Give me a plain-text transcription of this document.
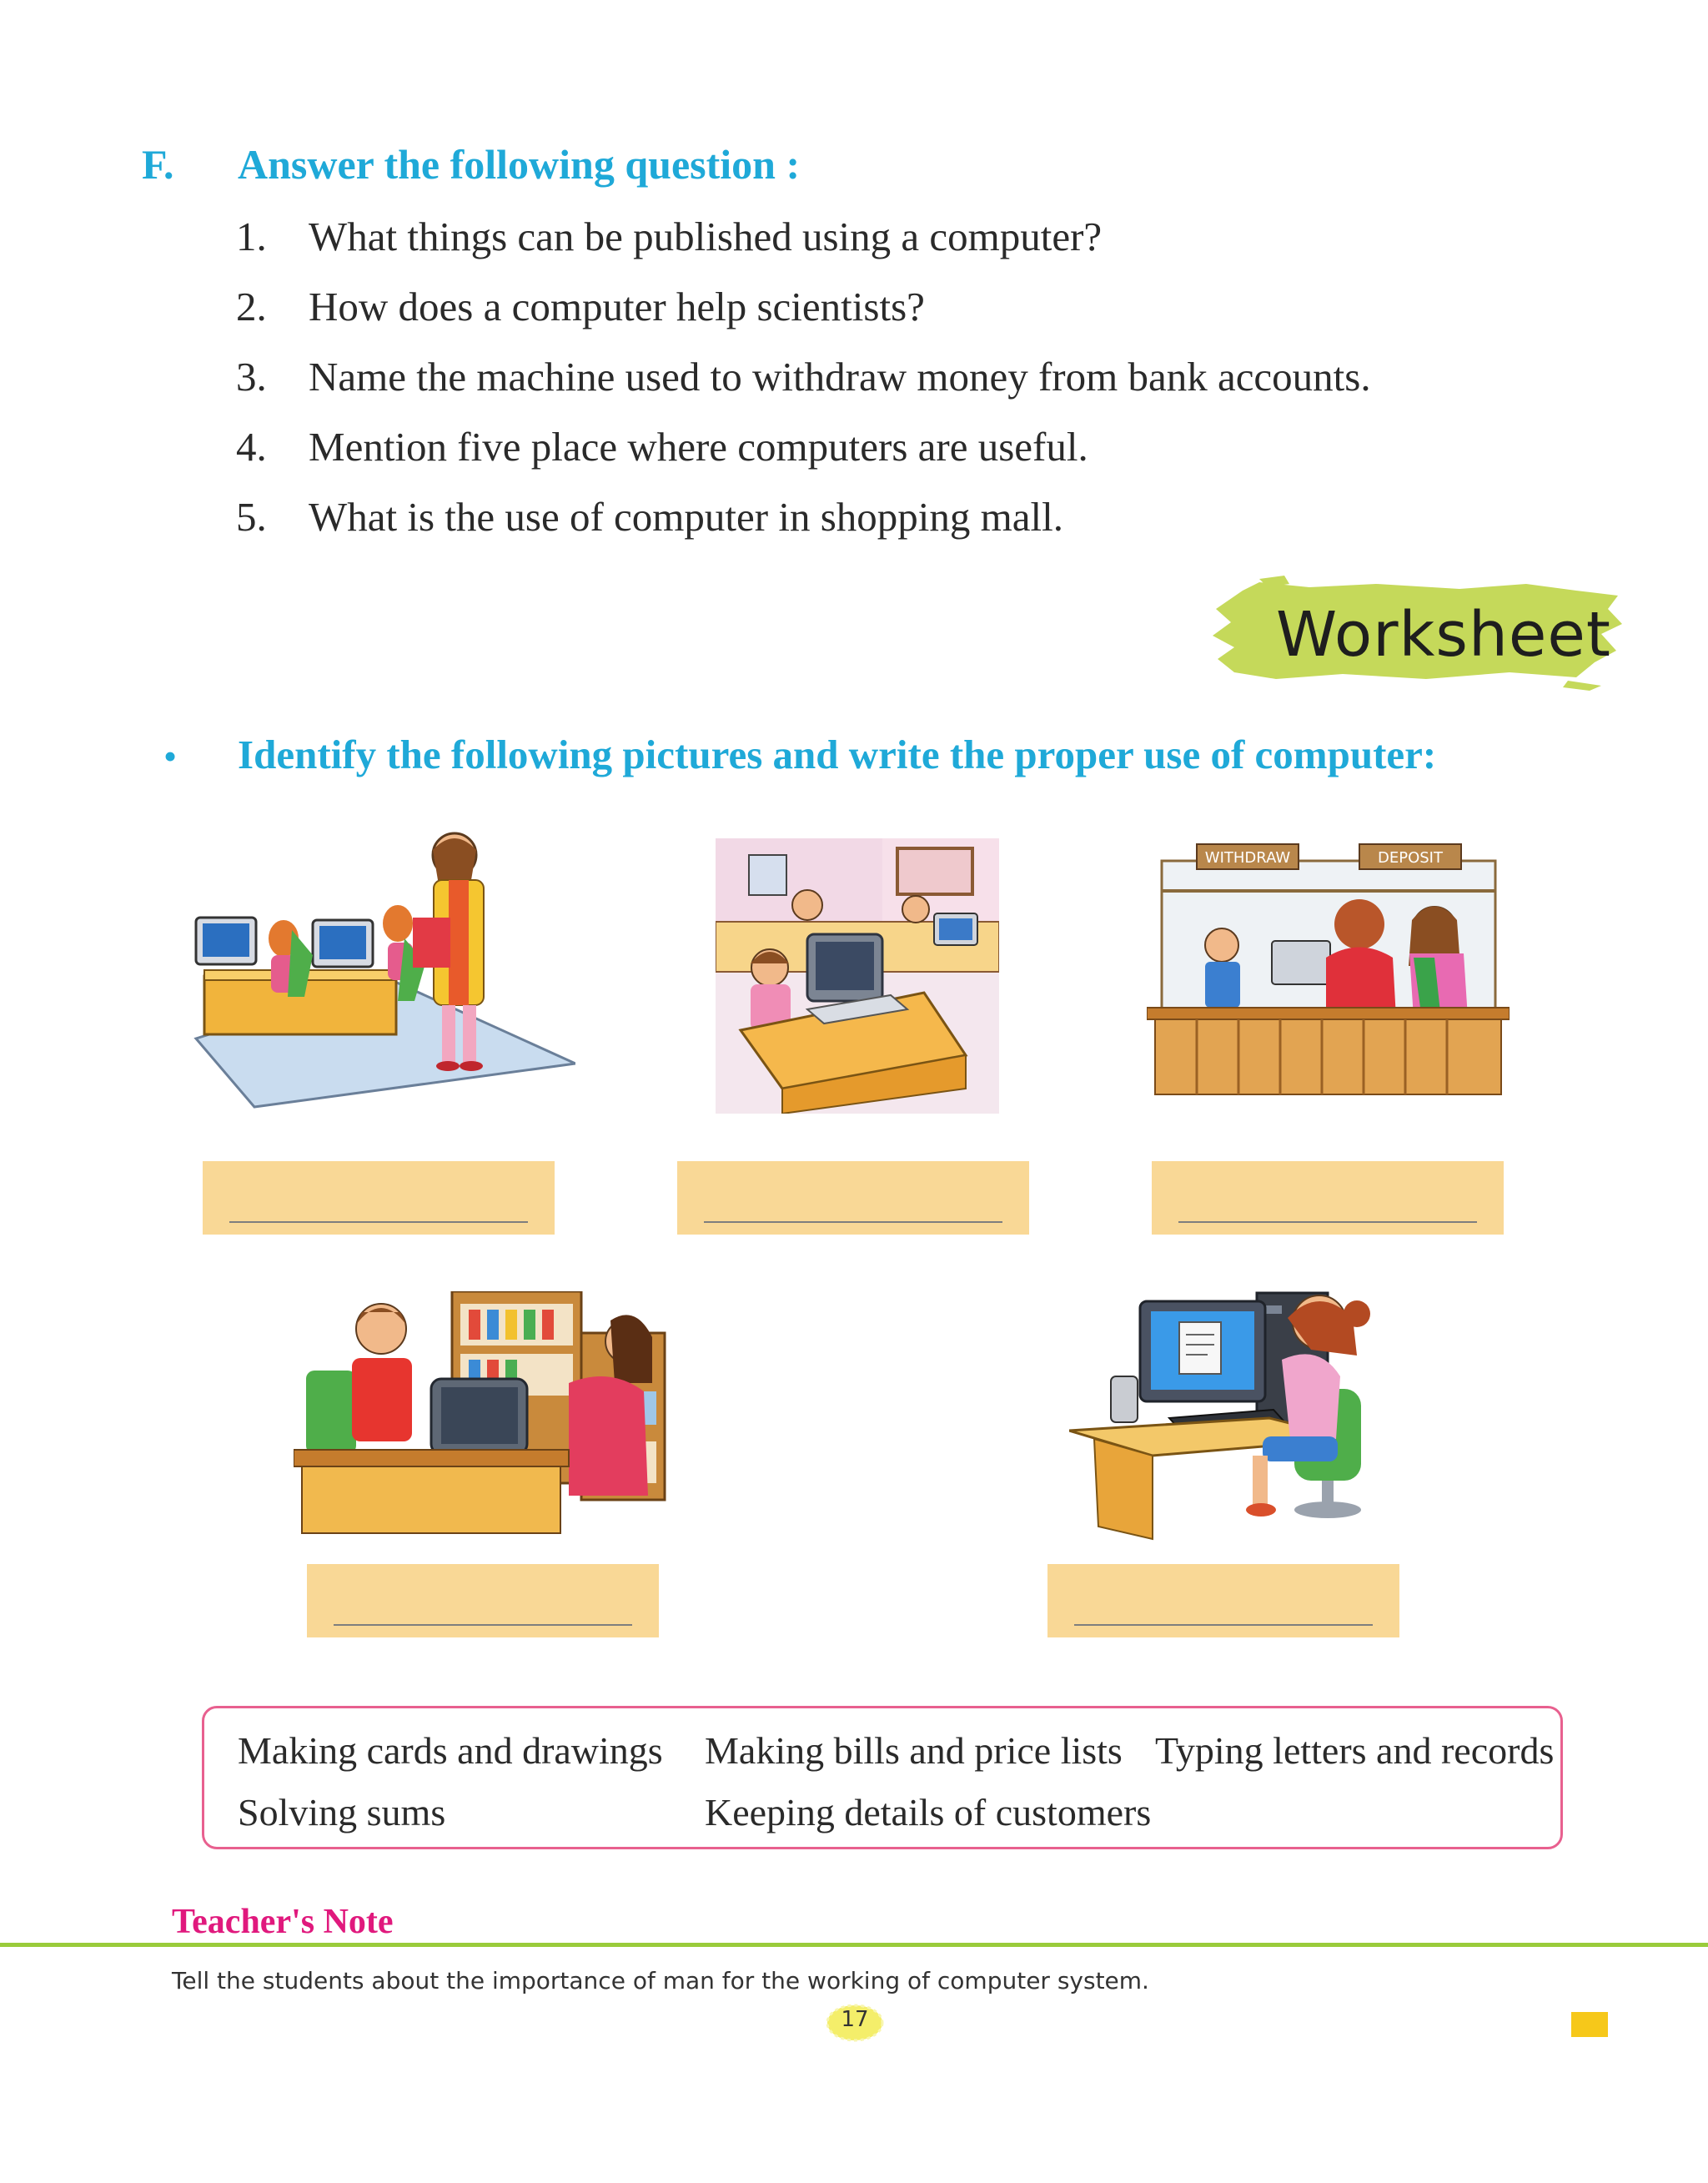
F. Answer the following question :
1. What things can be published using a computer?
2. How does a computer help scientists?
3. Name the machine used to withdraw money from bank accounts.
4. Mention five place where computers are useful.
5. What is the use of computer in shopping mall.
Worksheet
• Identify the following pictures and write the proper use of computer:
WITHDRAW	DEPOSIT
Making cards and drawings Making bills and price lists Typing letters and records
Solving sums	Keeping details of customers
Teacher's Note
Tell the students about the importance of man for the working of computer system.
17
